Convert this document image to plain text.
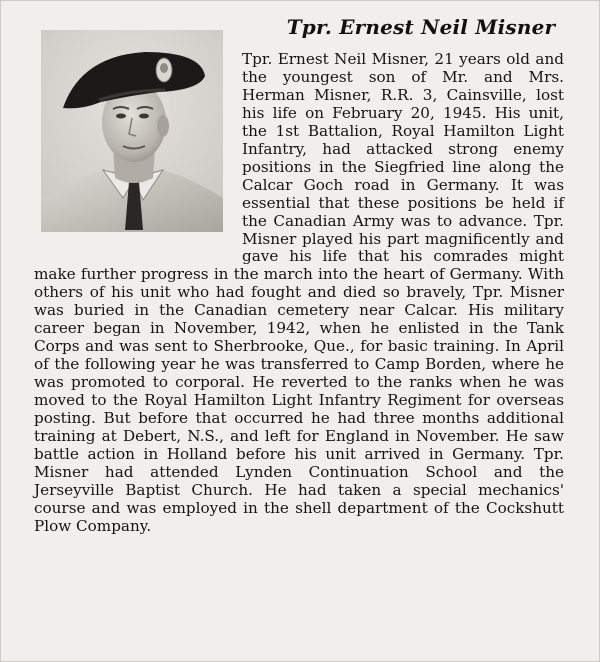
Tpr. Ernest Neil Misner
Tpr. Ernest Neil Misner, 21 years old and the youngest son of Mr. and Mrs. Herman Misner, R.R. 3, Cainsville, lost his life on February 20, 1945. His unit, the 1st Battalion, Royal Hamilton Light Infantry, had attacked strong enemy positions in the Siegfried line along the Calcar Goch road in Germany. It was essential that these positions be held if the Canadian Army was to advance. Tpr. Misner played his part magnificently and gave his life that his comrades might make further progress in the march into the heart of Germany. With others of his unit who had fought and died so bravely, Tpr. Misner was buried in the Canadian cemetery near Calcar. His military career began in November, 1942, when he enlisted in the Tank Corps and was sent to Sherbrooke, Que., for basic training. In April of the following year he was transferred to Camp Borden, where he was promoted to corporal. He reverted to the ranks when he was moved to the Royal Hamilton Light Infantry Regiment for overseas posting. But before that occurred he had three months additional training at Debert, N.S., and left for England in November. He saw battle action in Holland before his unit arrived in Germany. Tpr. Misner had attended Lynden Continuation School and the Jerseyville Baptist Church. He had taken a special mechanics' course and was employed in the shell department of the Cockshutt Plow Company.
